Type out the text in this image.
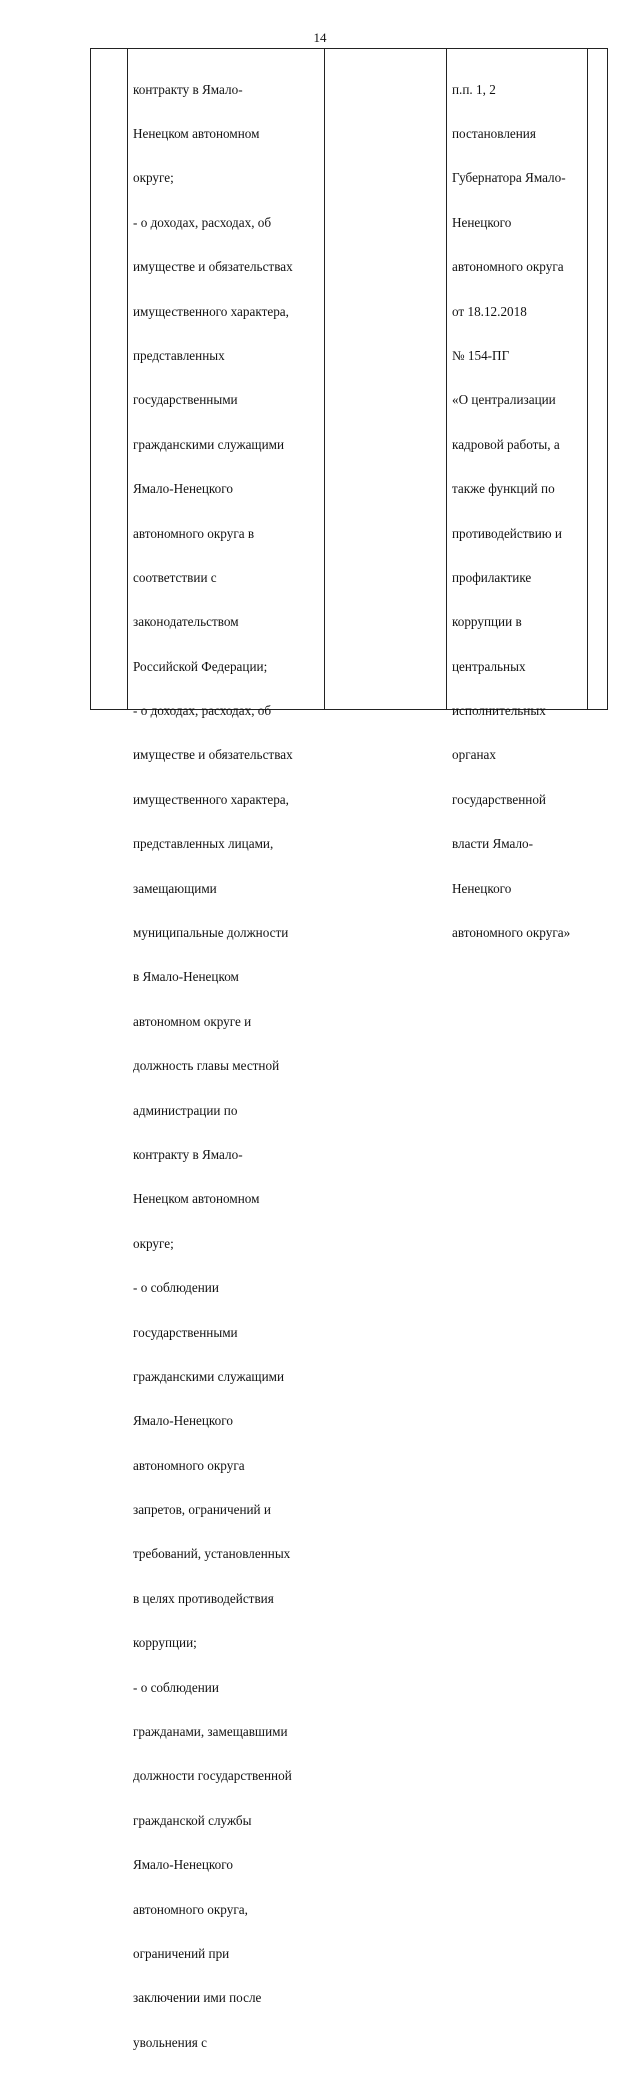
14

контракту в Ямало-

Ненецком автономном

округе;

- о доходах, расходах, об

имуществе и обязательствах

имущественного характера,

представленных

государственными

гражданскими служащими

Ямало-Ненецкого

автономного округа в

соответствии с

законодательством

Российской Федерации;

- о доходах, расходах, об

имуществе и обязательствах

имущественного характера,

представленных лицами,

замещающими

муниципальные должности

в Ямало-Ненецком

автономном округе и

должность главы местной

администрации по

контракту в Ямало-

Ненецком автономном

округе;

- о соблюдении

государственными

гражданскими служащими

Ямало-Ненецкого

автономного округа

запретов, ограничений и

требований, установленных

в целях противодействия

коррупции;

- о соблюдении

гражданами, замещавшими

должности государственной

гражданской службы

Ямало-Ненецкого

автономного округа,

ограничений при

заключении ими после

увольнения с

п.п. 1, 2

постановления

Губернатора Ямало-

Ненецкого

автономного округа

от 18.12.2018

№ 154-ПГ

«О централизации

кадровой работы, а

также функций по

противодействию и

профилактике

коррупции в

центральных

исполнительных

органах

государственной

власти Ямало-

Ненецкого

автономного округа»
